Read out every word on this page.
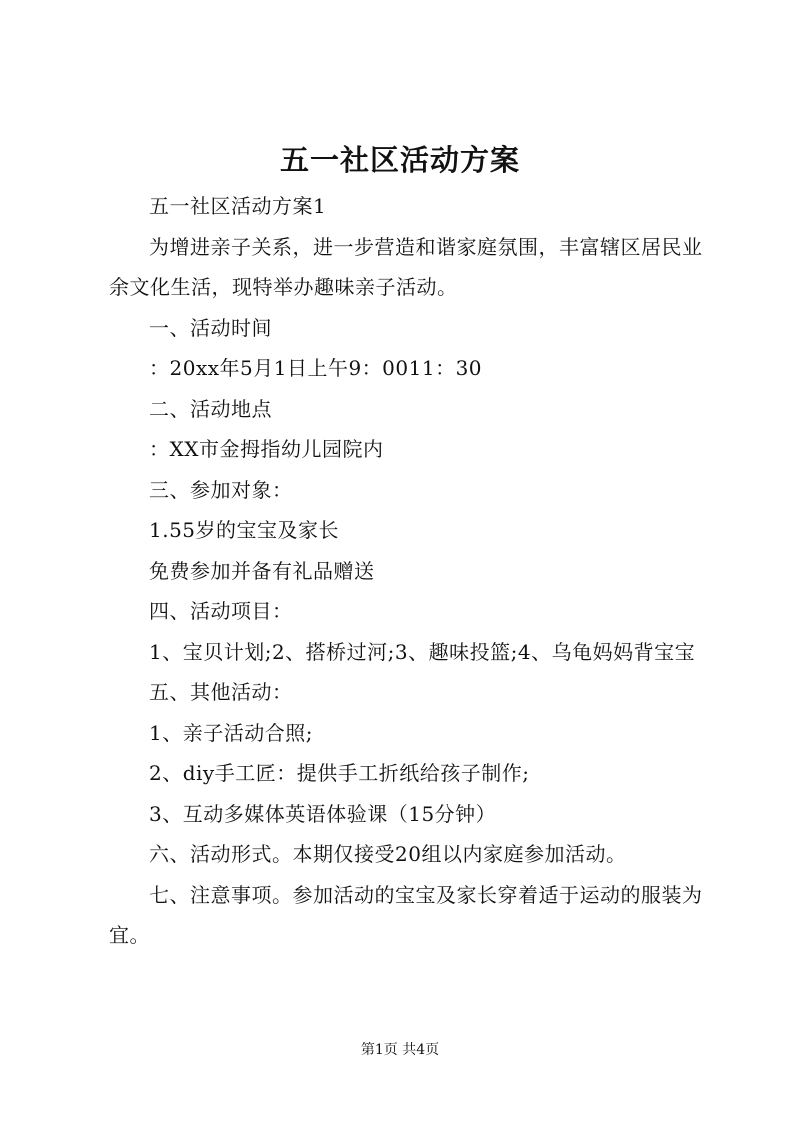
五一社区活动方案

五一社区活动方案1

为增进亲子关系，进一步营造和谐家庭氛围，丰富辖区居民业余文化生活，现特举办趣味亲子活动。

一、活动时间

：20xx年5月1日上午9：0011：30

二、活动地点

：XX市金拇指幼儿园院内

三、参加对象：

1.55岁的宝宝及家长

免费参加并备有礼品赠送

四、活动项目：

1、宝贝计划;2、搭桥过河;3、趣味投篮;4、乌龟妈妈背宝宝

五、其他活动：

1、亲子活动合照;

2、diy手工匠：提供手工折纸给孩子制作;

3、互动多媒体英语体验课（15分钟）

六、活动形式。本期仅接受20组以内家庭参加活动。

七、注意事项。参加活动的宝宝及家长穿着适于运动的服装为宜。

第1页 共4页
